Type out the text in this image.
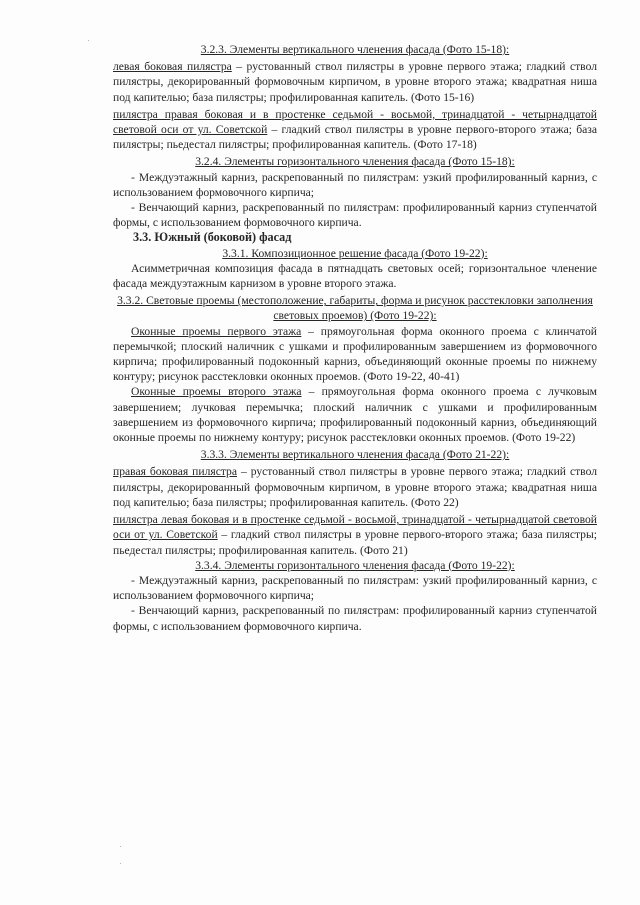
3.2.3. Элементы вертикального членения фасада (Фото 15-18):

левая боковая пилястра – рустованный ствол пилястры в уровне первого этажа; гладкий ствол пилястры, декорированный формовочным кирпичом, в уровне второго этажа; квадратная ниша под капителью; база пилястры; профилированная капитель. (Фото 15-16)

пилястра правая боковая и в простенке седьмой - восьмой, тринадцатой - четырнадцатой световой оси от ул. Советской – гладкий ствол пилястры в уровне первого-второго этажа; база пилястры; пьедестал пилястры; профилированная капитель. (Фото 17-18)

3.2.4. Элементы горизонтального членения фасада (Фото 15-18):

- Междуэтажный карниз, раскрепованный по пилястрам: узкий профилированный карниз, с использованием формовочного кирпича;

- Венчающий карниз, раскрепованный по пилястрам: профилированный карниз ступенчатой формы, с использованием формовочного кирпича.

3.3. Южный (боковой) фасад

3.3.1. Композиционное решение фасада (Фото 19-22):

Асимметричная композиция фасада в пятнадцать световых осей; горизонтальное членение фасада междуэтажным карнизом в уровне второго этажа.

3.3.2. Световые проемы (местоположение, габариты, форма и рисунок расстекловки заполнения световых проемов) (Фото 19-22):

Оконные проемы первого этажа – прямоугольная форма оконного проема с клинчатой перемычкой; плоский наличник с ушками и профилированным завершением из формовочного кирпича; профилированный подоконный карниз, объединяющий оконные проемы по нижнему контуру; рисунок расстекловки оконных проемов. (Фото 19-22, 40-41)

Оконные проемы второго этажа – прямоугольная форма оконного проема с лучковым завершением; лучковая перемычка; плоский наличник с ушками и профилированным завершением из формовочного кирпича; профилированный подоконный карниз, объединяющий оконные проемы по нижнему контуру; рисунок расстекловки оконных проемов. (Фото 19-22)

3.3.3. Элементы вертикального членения фасада (Фото 21-22):

правая боковая пилястра – рустованный ствол пилястры в уровне первого этажа; гладкий ствол пилястры, декорированный формовочным кирпичом, в уровне второго этажа; квадратная ниша под капителью; база пилястры; профилированная капитель. (Фото 22)

пилястра левая боковая и в простенке седьмой - восьмой, тринадцатой - четырнадцатой световой оси от ул. Советской – гладкий ствол пилястры в уровне первого-второго этажа; база пилястры; пьедестал пилястры; профилированная капитель. (Фото 21)

3.3.4. Элементы горизонтального членения фасада (Фото 19-22):

- Междуэтажный карниз, раскрепованный по пилястрам: узкий профилированный карниз, с использованием формовочного кирпича;

- Венчающий карниз, раскрепованный по пилястрам: профилированный карниз ступенчатой формы, с использованием формовочного кирпича.
